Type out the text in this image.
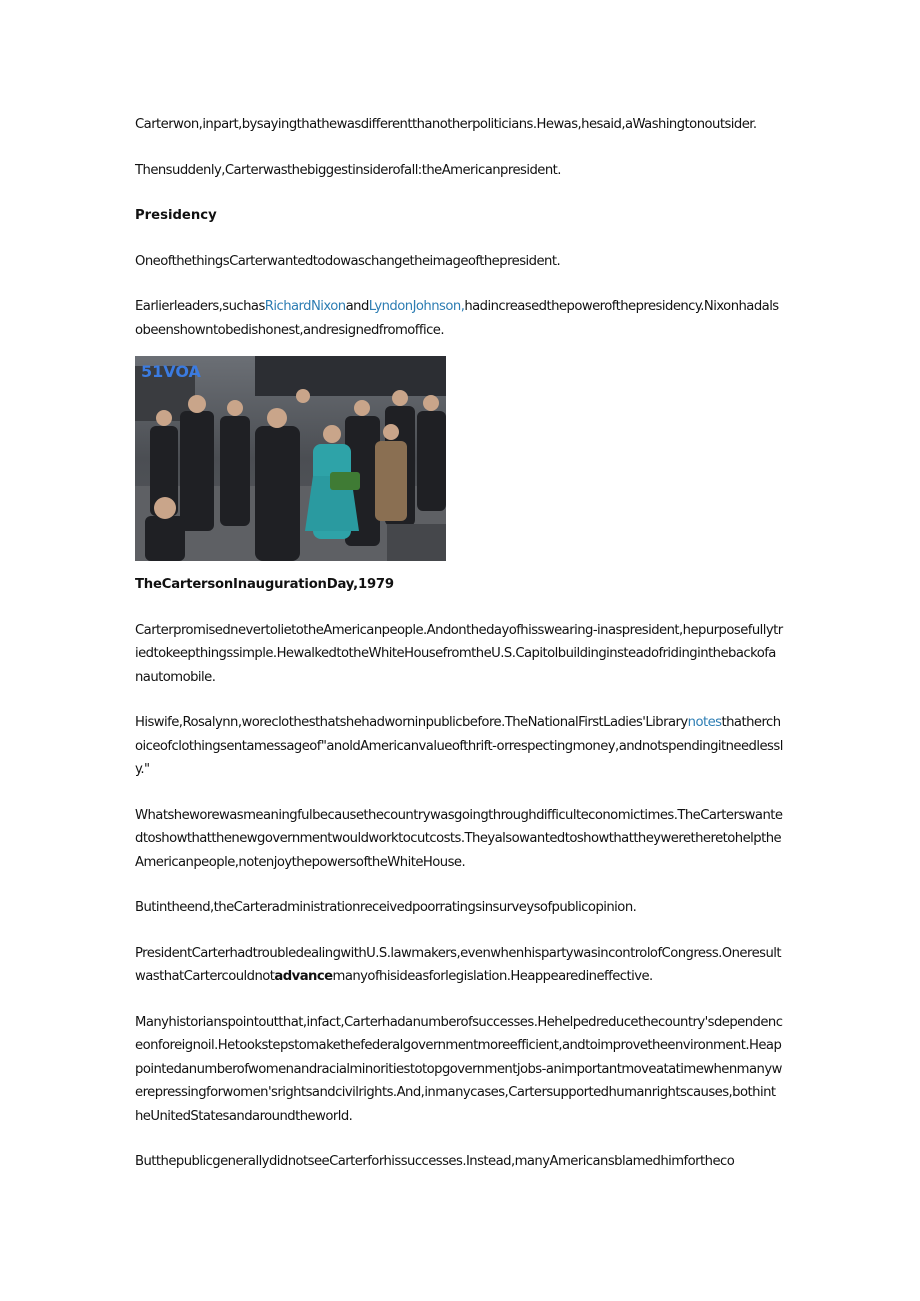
Carterwon,inpart,bysayingthathewasdifferentthanotherpoliticians.Hewas,hesaid,aWashingtonoutsider.

Thensuddenly,Carterwasthebiggestinsiderofall:theAmericanpresident.

Presidency

OneofthethingsCarterwantedtodowaschangetheimageofthepresident.

Earlierleaders,suchasRichardNixonandLyndonJohnson,hadincreasedthepowerofthepresidency.Nixonhadalsobeenshowntobedishonest,andresignedfromoffice.

51VOA

TheCartersonInaugurationDay,1979

CarterpromisednevertolietotheAmericanpeople.Andonthedayofhisswearing-inaspresident,hepurposefullytriedtokeepthingssimple.HewalkedtotheWhiteHousefromtheU.S.Capitolbuildinginsteadofridinginthebackofanautomobile.

Hiswife,Rosalynn,woreclothesthatshehadworninpublicbefore.TheNationalFirstLadies'Librarynotesthatherchoiceofclothingsentamessageof"anoldAmericanvalueofthrift-orrespectingmoney,andnotspendingitneedlessly."

Whatsheworewasmeaningfulbecausethecountrywasgoingthroughdifficulteconomictimes.TheCarterswantedtoshowthatthenewgovernmentwouldworktocutcosts.TheyalsowantedtoshowthattheyweretheretohelptheAmericanpeople,notenjoythepowersoftheWhiteHouse.

Butintheend,theCarteradministrationreceivedpoorratingsinsurveysofpublicopinion.

PresidentCarterhadtroubledealingwithU.S.lawmakers,evenwhenhispartywasincontrolofCongress.OneresultwasthatCartercouldnotadvancemanyofhisideasforlegislation.Heappearedineffective.

Manyhistorianspointoutthat,infact,Carterhadanumberofsuccesses.Hehelpedreducethecountry'sdependenceonforeignoil.Hetookstepstomakethefederalgovernmentmoreefficient,andtoimprovetheenvironment.Heappointedanumberofwomenandracialminoritiestotopgovernmentjobs-animportantmoveatatimewhenmanywerepressingforwomen'srightsandcivilrights.And,inmanycases,Cartersupportedhumanrightscauses,bothintheUnitedStatesandaroundtheworld.

ButthepublicgenerallydidnotseeCarterforhissuccesses.Instead,manyAmericansblamedhimfortheco
